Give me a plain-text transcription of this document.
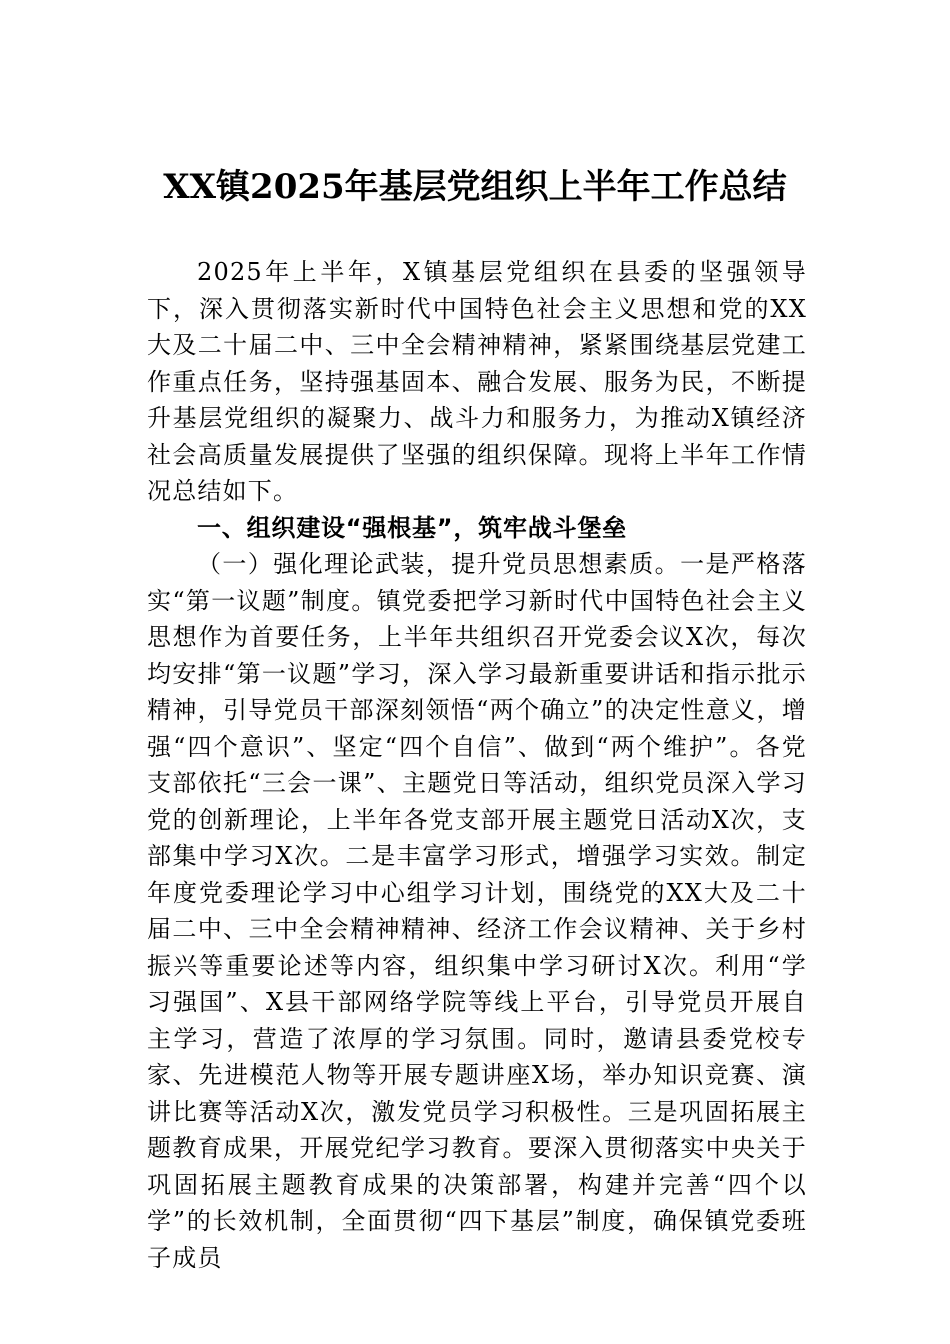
XX镇2025年基层党组织上半年工作总结

2025年上半年，X镇基层党组织在县委的坚强领导下，深入贯彻落实新时代中国特色社会主义思想和党的XX大及二十届二中、三中全会精神精神，紧紧围绕基层党建工作重点任务，坚持强基固本、融合发展、服务为民，不断提升基层党组织的凝聚力、战斗力和服务力，为推动X镇经济社会高质量发展提供了坚强的组织保障。现将上半年工作情况总结如下。

一、组织建设“强根基”，筑牢战斗堡垒

（一）强化理论武装，提升党员思想素质。一是严格落实“第一议题”制度。镇党委把学习新时代中国特色社会主义思想作为首要任务，上半年共组织召开党委会议X次，每次均安排“第一议题”学习，深入学习最新重要讲话和指示批示精神，引导党员干部深刻领悟“两个确立”的决定性意义，增强“四个意识”、坚定“四个自信”、做到“两个维护”。各党支部依托“三会一课”、主题党日等活动，组织党员深入学习党的创新理论，上半年各党支部开展主题党日活动X次，支部集中学习X次。二是丰富学习形式，增强学习实效。制定年度党委理论学习中心组学习计划，围绕党的XX大及二十届二中、三中全会精神精神、经济工作会议精神、关于乡村振兴等重要论述等内容，组织集中学习研讨X次。利用“学习强国”、X县干部网络学院等线上平台，引导党员开展自主学习，营造了浓厚的学习氛围。同时，邀请县委党校专家、先进模范人物等开展专题讲座X场，举办知识竞赛、演讲比赛等活动X次，激发党员学习积极性。三是巩固拓展主题教育成果，开展党纪学习教育。要深入贯彻落实中央关于巩固拓展主题教育成果的决策部署，构建并完善“四个以学”的长效机制，全面贯彻“四下基层”制度，确保镇党委班子成员
